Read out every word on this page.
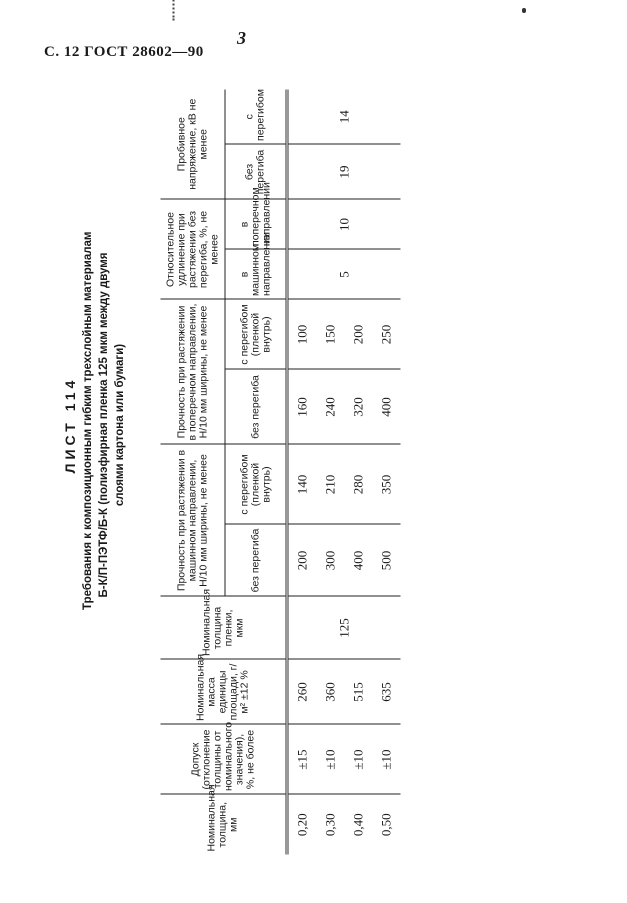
С. 12 ГОСТ 28602—90
3
ЛИСТ 114 Требования к композиционным гибким трехслойным материалам Б-К/П-ПЭТФ/Б-К (полиэфирная пленка 125 мкм между двумя слоями картона или бумаги)
Номинальная толщина, мм	Допуск (отклонение толщины от номинального значения), %, не более	Номинальная масса единицы площади, г/м² ±12 %	Номинальная толщина пленки, мкм	Прочность при растяжении в машинном направлении, Н/10 мм ширины, не менее		Прочность при растяжении в поперечном направлении, Н/10 мм ширины, не менее		Относительное удлинение при растяжении без перегиба, %, не менее		Пробивное напряжение, кВ не менее	
				без перегиба	с перегибом (пленкой внутрь)	без перегиба	с перегибом (пленкой внутрь)	в машинном направлении	в поперечном направлении	без перегиба	с перегибом
0,20	±15	260	125	200	140	160	100	5	10	19	14
0,30	±10	360		300	210	240	150				
0,40	±10	515		400	280	320	200				
0,50	±10	635		500	350	400	250				
